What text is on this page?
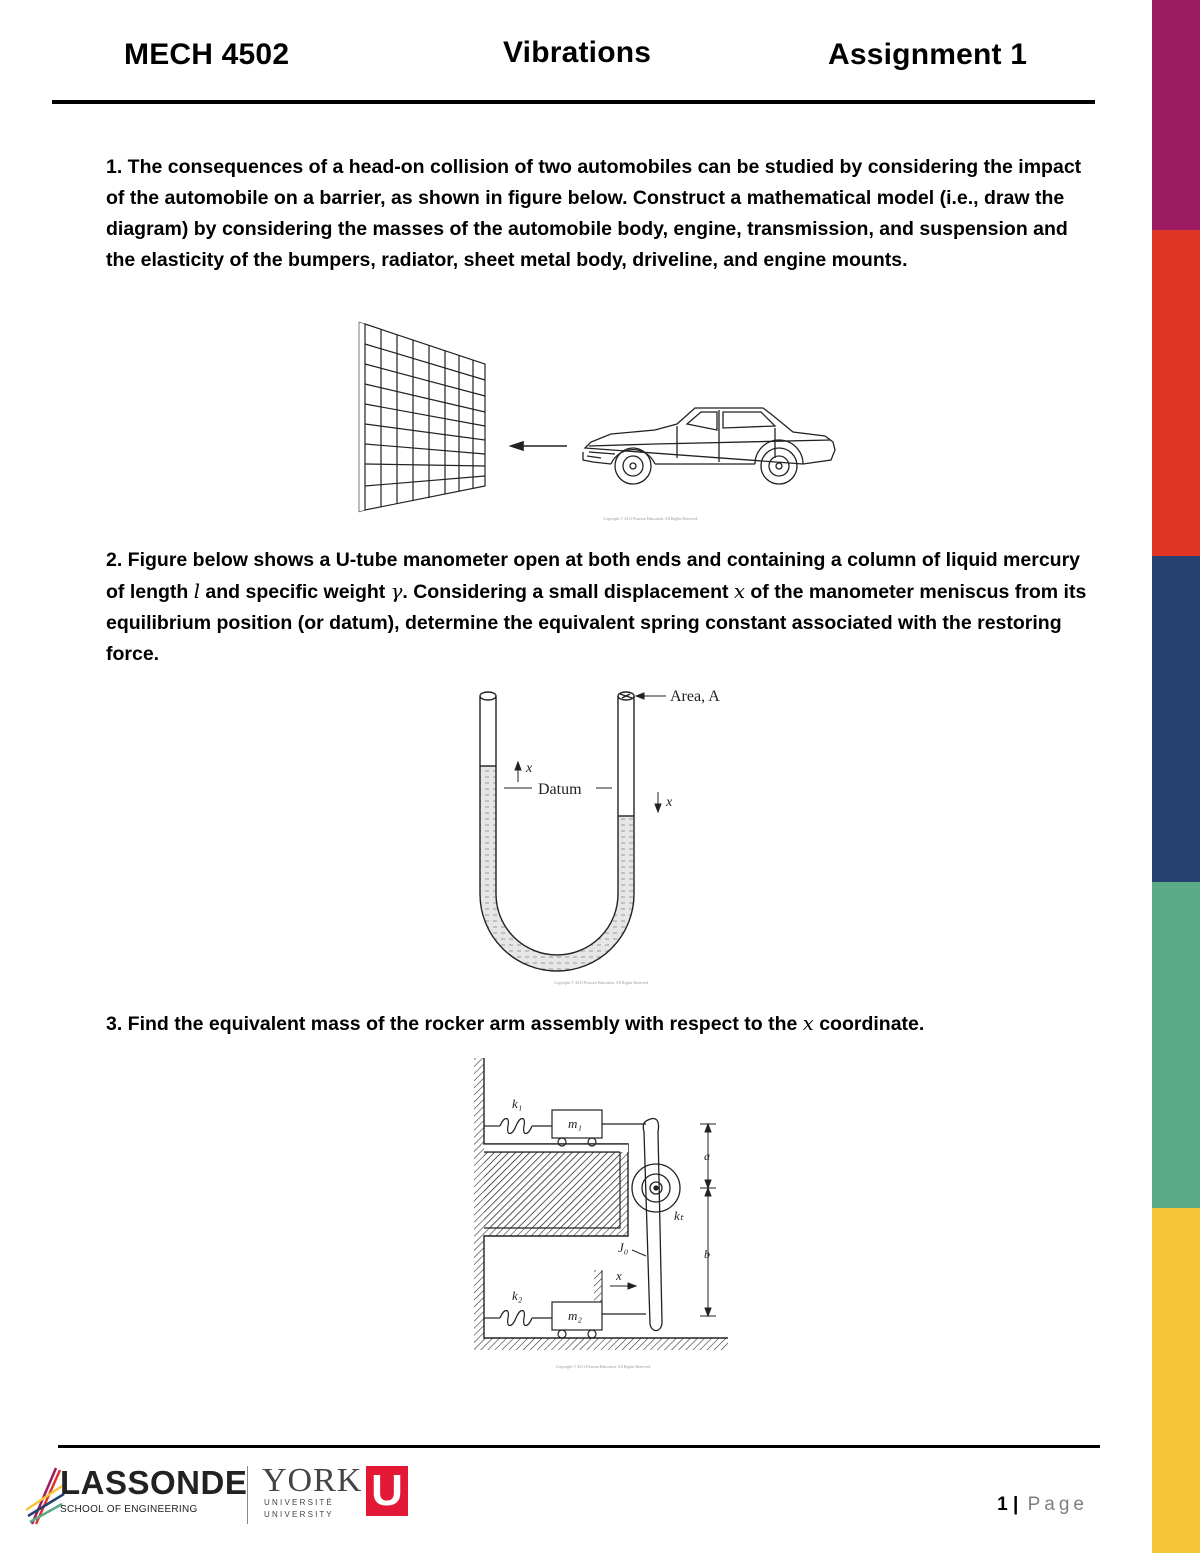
MECH 4502	Vibrations	Assignment 1
1. The consequences of a head-on collision of two automobiles can be studied by considering the impact of the automobile on a barrier, as shown in figure below. Construct a mathematical model (i.e., draw the diagram) by considering the masses of the automobile body, engine, transmission, and suspension and the elasticity of the bumpers, radiator, sheet metal body, driveline, and engine mounts.
Copyright © 2011 Pearson Education. All Rights Reserved.
2. Figure below shows a U-tube manometer open at both ends and containing a column of liquid mercury of length l and specific weight γ. Considering a small displacement x of the manometer meniscus from its equilibrium position (or datum), determine the equivalent spring constant associated with the restoring force.
Area, A
Datum
x
x
Copyright © 2011 Pearson Education. All Rights Reserved.
3. Find the equivalent mass of the rocker arm assembly with respect to the x coordinate.
k₁
m₁
k₂
m₂
kₜ
J₀
x
a
b
Copyright © 2011 Pearson Education. All Rights Reserved.
LASSONDE
SCHOOL OF ENGINEERING
YORK
U N I V E R S I T É
U N I V E R S I T Y U	1 | Page
